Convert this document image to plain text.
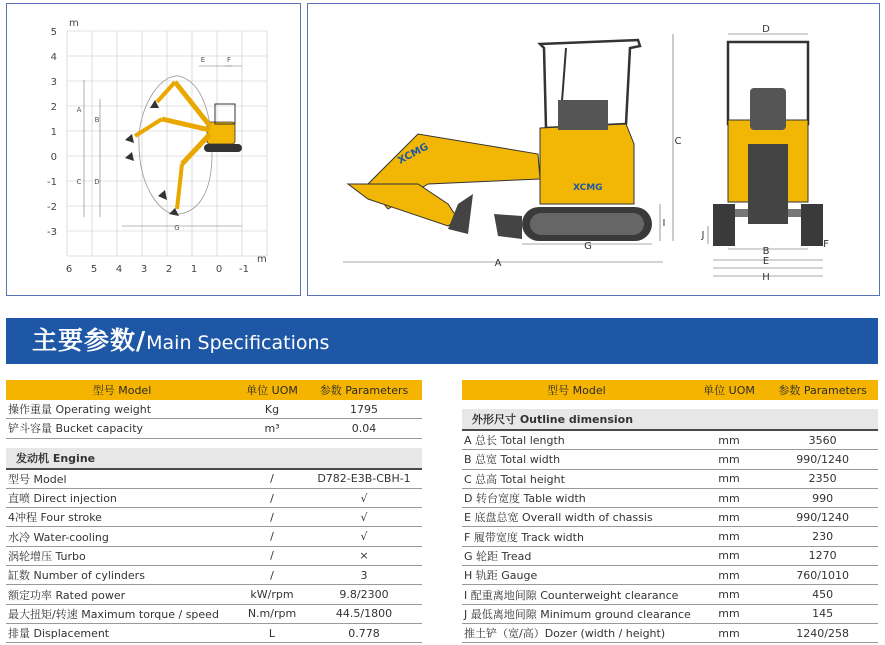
5
4
3
2
1
0
-1
-2
-3
6 5 4 3 2 1 0 -1
m
m
A
B
C D
E	F
G
XCMG
XCMG
A
B
C
D
E
F
G
H
I
J
主要参数/Main Specifications
型号 Model	单位 UOM	参数 Parameters
操作重量 Operating weight	Kg	1795
铲斗容量 Bucket capacity	m³	0.04

发动机 Engine		
型号 Model	/	D782-E3B-CBH-1
直喷 Direct injection	/	√
4冲程 Four stroke	/	√
水冷 Water-cooling	/	√
涡轮增压 Turbo	/	×
缸数 Number of cylinders	/	3
额定功率 Rated power	kW/rpm	9.8/2300
最大扭矩/转速 Maximum torque / speed	N.m/rpm	44.5/1800
排量 Displacement	L	0.778
型号 Model	单位 UOM	参数 Parameters

外形尺寸 Outline dimension		
A 总长 Total length	mm	3560
B 总宽 Total width	mm	990/1240
C 总高 Total height	mm	2350
D 转台宽度 Table width	mm	990
E 底盘总宽 Overall width of chassis	mm	990/1240
F 履带宽度 Track width	mm	230
G 轮距 Tread	mm	1270
H 轨距 Gauge	mm	760/1010
I 配重离地间隙 Counterweight clearance	mm	450
J 最低离地间隙 Minimum ground clearance	mm	145
推土铲（宽/高）Dozer (width / height)	mm	1240/258
